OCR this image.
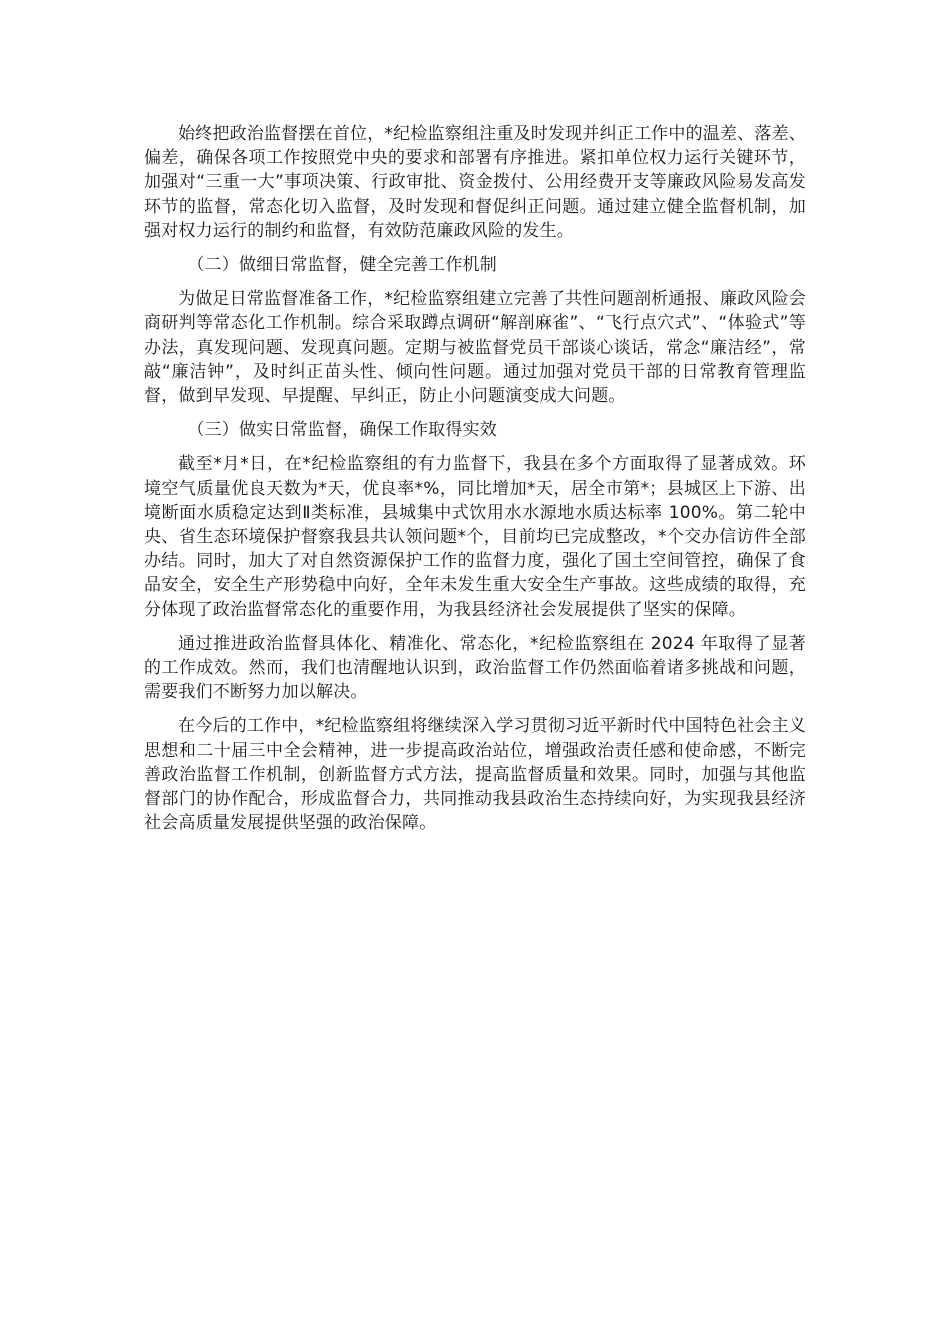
始终把政治监督摆在首位，*纪检监察组注重及时发现并纠正工作中的温差、落差、偏差，确保各项工作按照党中央的要求和部署有序推进。紧扣单位权力运行关键环节，加强对“三重一大”事项决策、行政审批、资金拨付、公用经费开支等廉政风险易发高发环节的监督，常态化切入监督，及时发现和督促纠正问题。通过建立健全监督机制，加强对权力运行的制约和监督，有效防范廉政风险的发生。

（二）做细日常监督，健全完善工作机制

为做足日常监督准备工作，*纪检监察组建立完善了共性问题剖析通报、廉政风险会商研判等常态化工作机制。综合采取蹲点调研“解剖麻雀”、“飞行点穴式”、“体验式”等办法，真发现问题、发现真问题。定期与被监督党员干部谈心谈话，常念“廉洁经”，常敲“廉洁钟”，及时纠正苗头性、倾向性问题。通过加强对党员干部的日常教育管理监督，做到早发现、早提醒、早纠正，防止小问题演变成大问题。

（三）做实日常监督，确保工作取得实效

截至*月*日，在*纪检监察组的有力监督下，我县在多个方面取得了显著成效。环境空气质量优良天数为*天，优良率*%，同比增加*天，居全市第*；县城区上下游、出境断面水质稳定达到Ⅱ类标准，县城集中式饮用水水源地水质达标率 100%。第二轮中央、省生态环境保护督察我县共认领问题*个，目前均已完成整改，*个交办信访件全部办结。同时，加大了对自然资源保护工作的监督力度，强化了国土空间管控，确保了食品安全，安全生产形势稳中向好，全年未发生重大安全生产事故。这些成绩的取得，充分体现了政治监督常态化的重要作用，为我县经济社会发展提供了坚实的保障。

通过推进政治监督具体化、精准化、常态化，*纪检监察组在 2024 年取得了显著的工作成效。然而，我们也清醒地认识到，政治监督工作仍然面临着诸多挑战和问题，需要我们不断努力加以解决。

在今后的工作中，*纪检监察组将继续深入学习贯彻习近平新时代中国特色社会主义思想和二十届三中全会精神，进一步提高政治站位，增强政治责任感和使命感，不断完善政治监督工作机制，创新监督方式方法，提高监督质量和效果。同时，加强与其他监督部门的协作配合，形成监督合力，共同推动我县政治生态持续向好，为实现我县经济社会高质量发展提供坚强的政治保障。
